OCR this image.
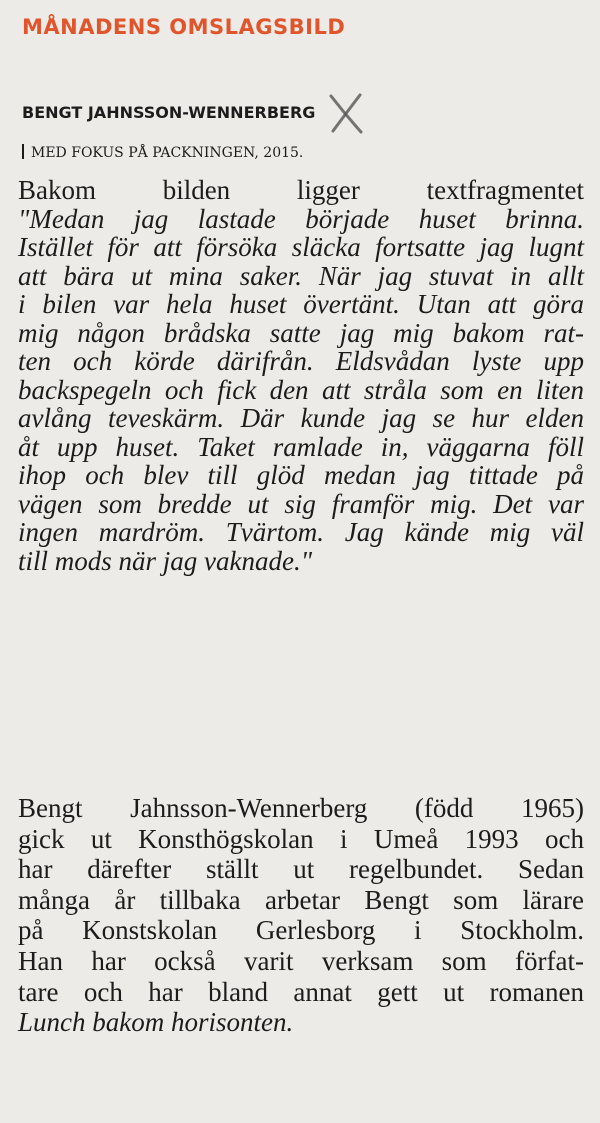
MÅNADENS OMSLAGSBILD
BENGT JAHNSSON-WENNERBERG
MED FOKUS PÅ PACKNINGEN, 2015.
Bakom bilden ligger textfragmentet
"Medan jag lastade började huset brinna.
Istället för att försöka släcka fortsatte jag lugnt
att bära ut mina saker. När jag stuvat in allt
i bilen var hela huset övertänt. Utan att göra
mig någon brådska satte jag mig bakom rat-
ten och körde därifrån. Eldsvådan lyste upp
backspegeln och fick den att stråla som en liten
avlång teveskärm. Där kunde jag se hur elden
åt upp huset. Taket ramlade in, väggarna föll
ihop och blev till glöd medan jag tittade på
vägen som bredde ut sig framför mig. Det var
ingen mardröm. Tvärtom. Jag kände mig väl
till mods när jag vaknade."
Bengt Jahnsson-Wennerberg (född 1965)
gick ut Konsthögskolan i Umeå 1993 och
har därefter ställt ut regelbundet. Sedan
många år tillbaka arbetar Bengt som lärare
på Konstskolan Gerlesborg i Stockholm.
Han har också varit verksam som förfat-
tare och har bland annat gett ut romanen
Lunch bakom horisonten.
